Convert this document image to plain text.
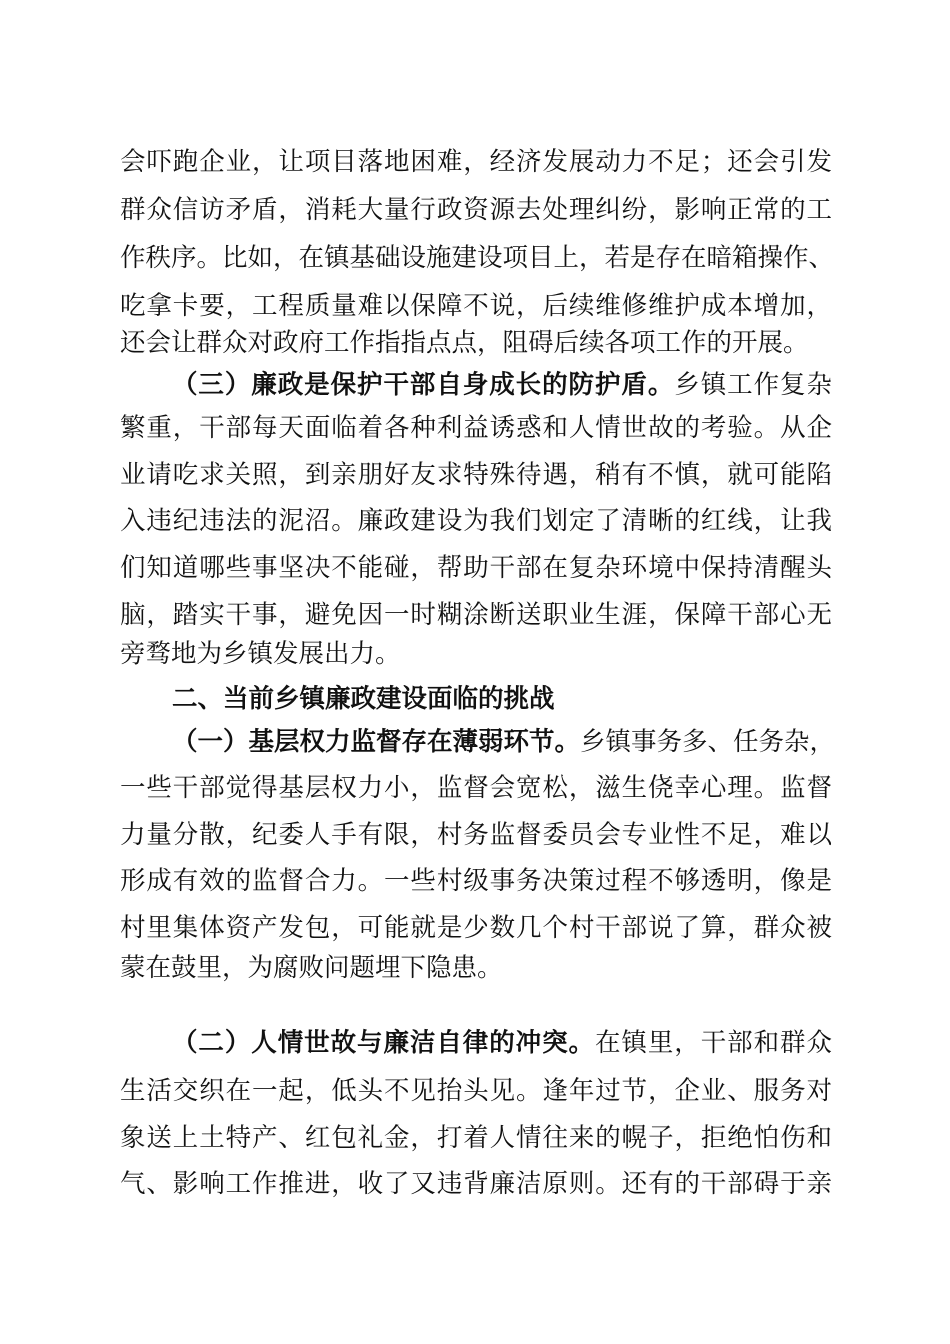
会吓跑企业，让项目落地困难，经济发展动力不足；还会引发
群众信访矛盾，消耗大量行政资源去处理纠纷，影响正常的工
作秩序。比如，在镇基础设施建设项目上，若是存在暗箱操作、
吃拿卡要，工程质量难以保障不说，后续维修维护成本增加，
还会让群众对政府工作指指点点，阻碍后续各项工作的开展。
（三）廉政是保护干部自身成长的防护盾。乡镇工作复杂
繁重，干部每天面临着各种利益诱惑和人情世故的考验。从企
业请吃求关照，到亲朋好友求特殊待遇，稍有不慎，就可能陷
入违纪违法的泥沼。廉政建设为我们划定了清晰的红线，让我
们知道哪些事坚决不能碰，帮助干部在复杂环境中保持清醒头
脑，踏实干事，避免因一时糊涂断送职业生涯，保障干部心无
旁骛地为乡镇发展出力。
二、当前乡镇廉政建设面临的挑战
（一）基层权力监督存在薄弱环节。乡镇事务多、任务杂，
一些干部觉得基层权力小，监督会宽松，滋生侥幸心理。监督
力量分散，纪委人手有限，村务监督委员会专业性不足，难以
形成有效的监督合力。一些村级事务决策过程不够透明，像是
村里集体资产发包，可能就是少数几个村干部说了算，群众被
蒙在鼓里，为腐败问题埋下隐患。
（二）人情世故与廉洁自律的冲突。在镇里，干部和群众
生活交织在一起，低头不见抬头见。逢年过节，企业、服务对
象送上土特产、红包礼金，打着人情往来的幌子，拒绝怕伤和
气、影响工作推进，收了又违背廉洁原则。还有的干部碍于亲
